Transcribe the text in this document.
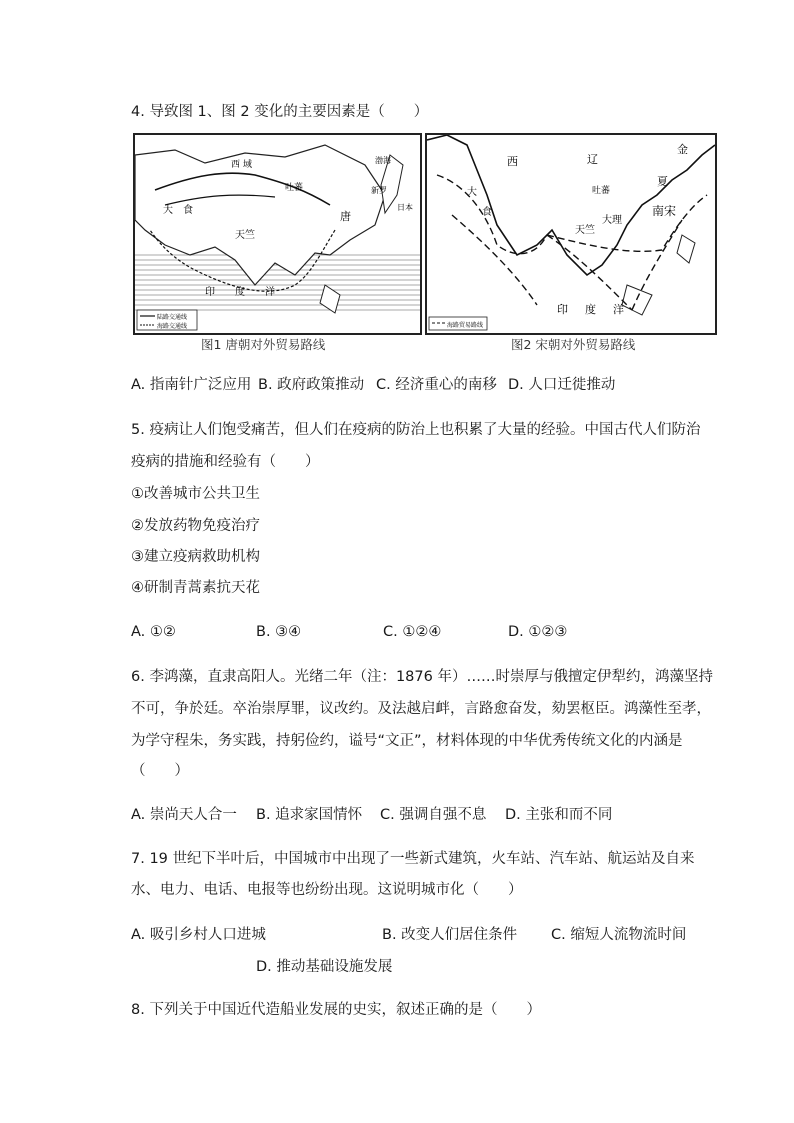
4. 导致图 1、图 2 变化的主要因素是（　　）
西 域
吐蕃
唐
渤海
新罗
日本
大 食
天竺
印 度 洋
陆路交通线
海路交通线
图1 唐朝对外贸易路线
西	辽
金
夏
吐蕃
大理
南宋
天竺
大
食
印 度 洋
海路贸易路线
图2 宋朝对外贸易路线
A. 指南针广泛应用 B. 政府政策推动 C. 经济重心的南移 D. 人口迁徙推动
5. 疫病让人们饱受痛苦，但人们在疫病的防治上也积累了大量的经验。中国古代人们防治
疫病的措施和经验有（　　）
①改善城市公共卫生
②发放药物免疫治疗
③建立疫病救助机构
④研制青蒿素抗天花
A. ①②	B. ③④	C. ①②④	D. ①②③
6. 李鸿藻，直隶高阳人。光绪二年（注：1876 年）……时崇厚与俄擅定伊犁约，鸿藻坚持
不可，争於廷。卒治崇厚罪，议改约。及法越启衅，言路愈奋发，劾罢枢臣。鸿藻性至孝，
为学守程朱，务实践，持躬俭约，谥号“文正”，材料体现的中华优秀传统文化的内涵是
（　　）
A. 崇尚天人合一 B. 追求家国情怀 C. 强调自强不息 D. 主张和而不同
7. 19 世纪下半叶后，中国城市中出现了一些新式建筑，火车站、汽车站、航运站及自来
水、电力、电话、电报等也纷纷出现。这说明城市化（　　）
A. 吸引乡村人口进城	B. 改变人们居住条件 C. 缩短人流物流时间
D. 推动基础设施发展
8. 下列关于中国近代造船业发展的史实，叙述正确的是（　　）
